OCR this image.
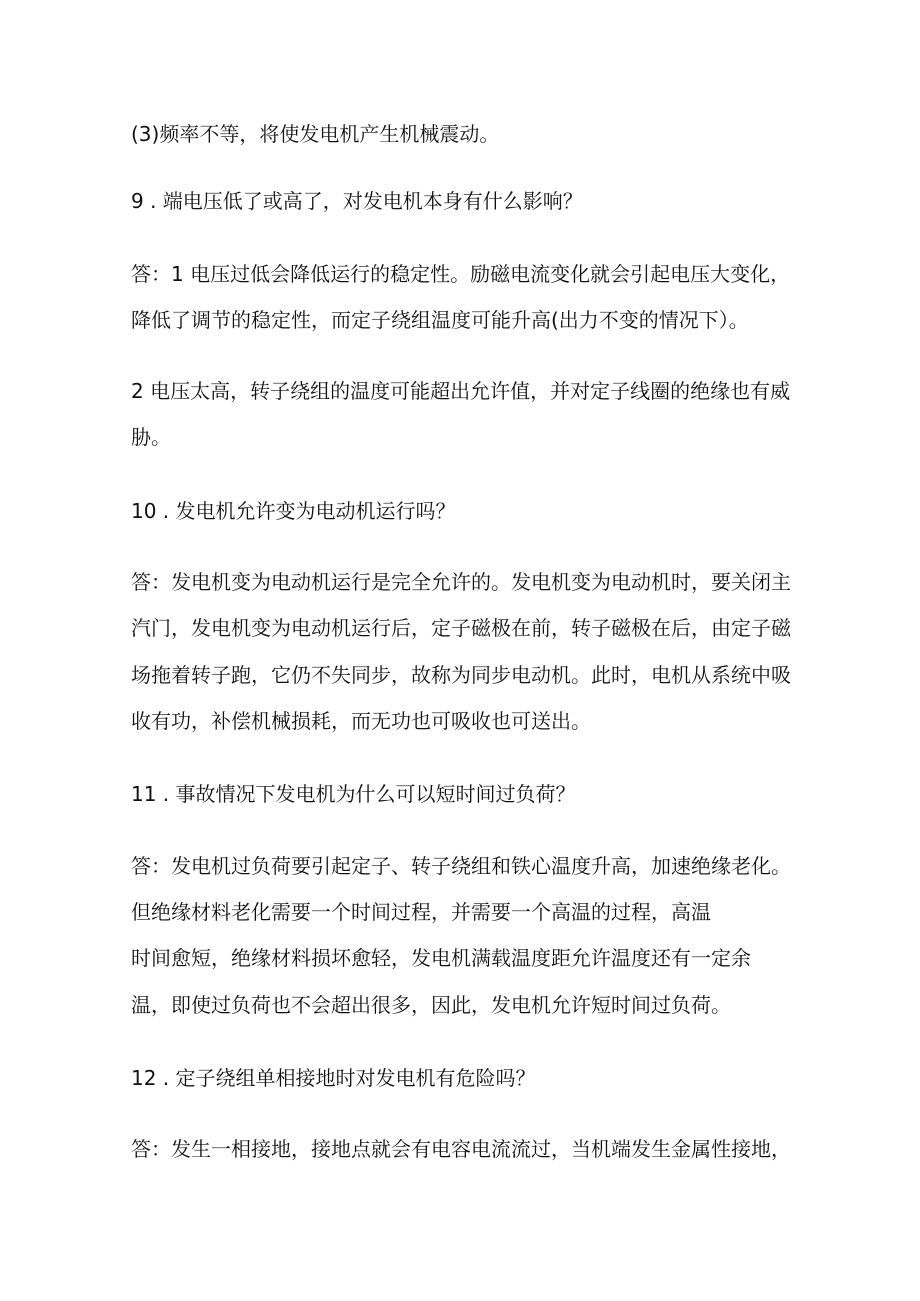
(3)频率不等，将使发电机产生机械震动。

9 . 端电压低了或高了，对发电机本身有什么影响？

答：1 电压过低会降低运行的稳定性。励磁电流变化就会引起电压大变化，

降低了调节的稳定性，而定子绕组温度可能升高(出力不变的情况下）。

2 电压太高，转子绕组的温度可能超出允许值，并对定子线圈的绝缘也有威

胁。

10 . 发电机允许变为电动机运行吗？

答：发电机变为电动机运行是完全允许的。发电机变为电动机时，要关闭主

汽门，发电机变为电动机运行后，定子磁极在前，转子磁极在后，由定子磁

场拖着转子跑，它仍不失同步，故称为同步电动机。此时，电机从系统中吸

收有功，补偿机械损耗，而无功也可吸收也可送出。

11 . 事故情况下发电机为什么可以短时间过负荷？

答：发电机过负荷要引起定子、转子绕组和铁心温度升高，加速绝缘老化。

但绝缘材料老化需要一个时间过程，并需要一个高温的过程，高温

时间愈短，绝缘材料损坏愈轻，发电机满载温度距允许温度还有一定余

温，即使过负荷也不会超出很多，因此，发电机允许短时间过负荷。

12 . 定子绕组单相接地时对发电机有危险吗？

答：发生一相接地，接地点就会有电容电流流过，当机端发生金属性接地，
